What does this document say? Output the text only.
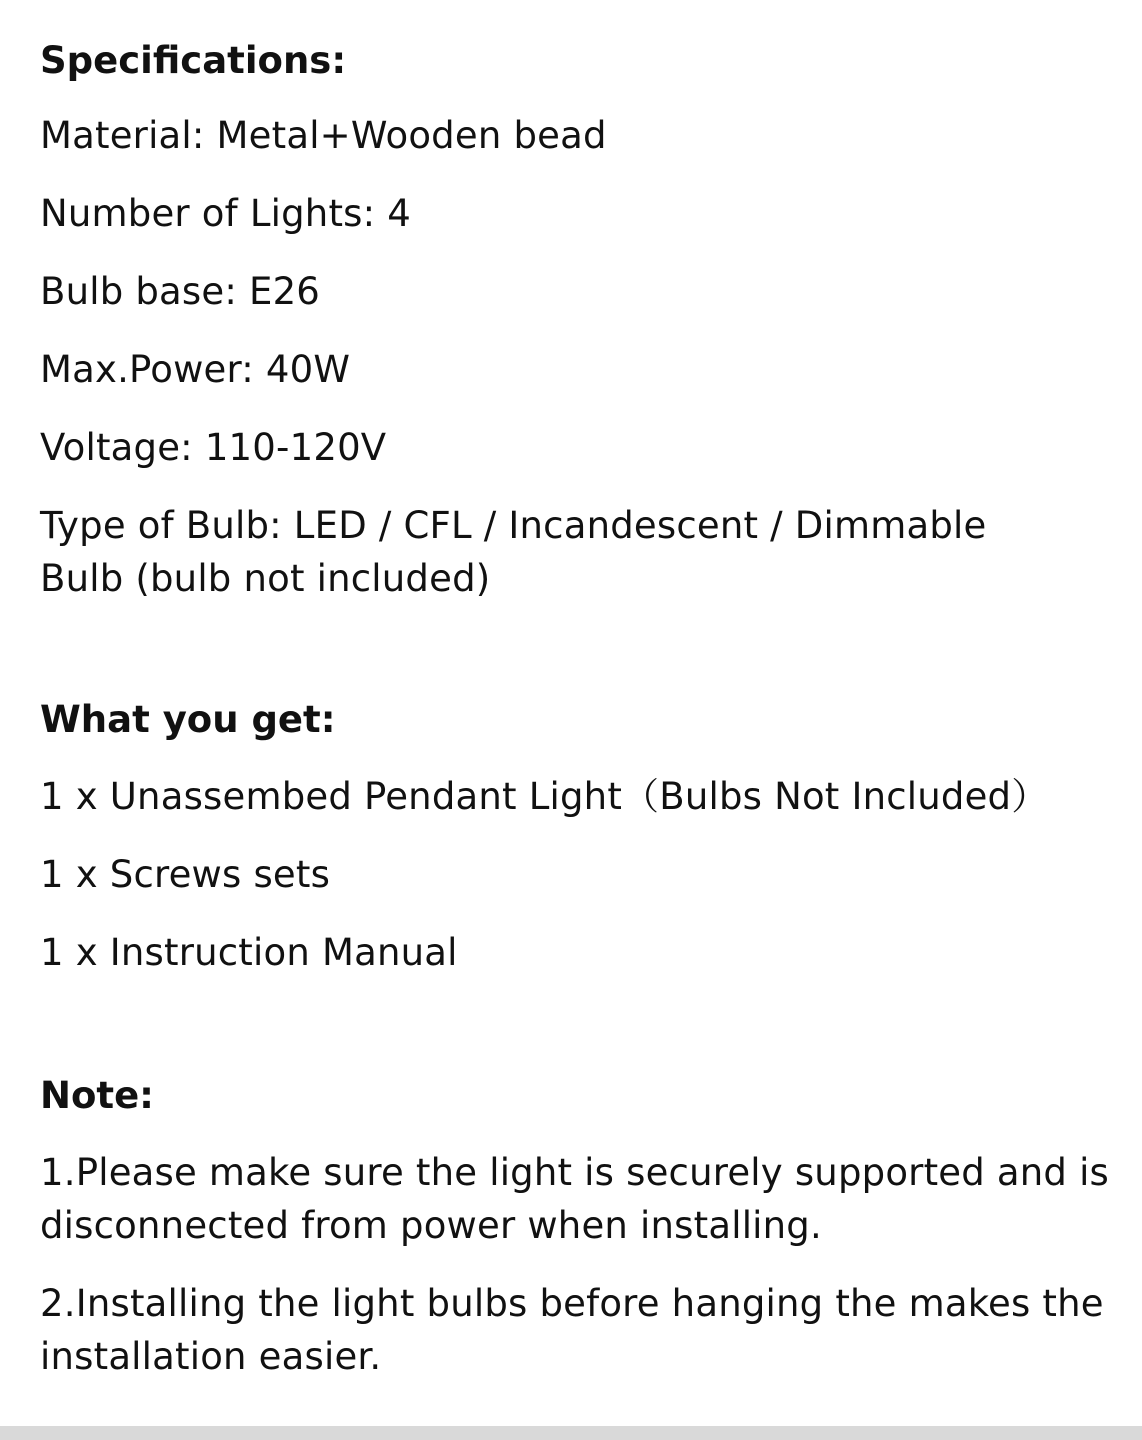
Specifications:

Material: Metal+Wooden bead

Number of Lights: 4

Bulb base: E26

Max.Power: 40W

Voltage: 110-120V

Type of Bulb: LED / CFL / Incandescent / Dimmable Bulb (bulb not included)

What you get:

1 x Unassembed Pendant Light（Bulbs Not Included）

1 x Screws sets

1 x Instruction Manual

Note:

1.Please make sure the light is securely supported and is disconnected from power when installing.

2.Installing the light bulbs before hanging the makes the installation easier.
